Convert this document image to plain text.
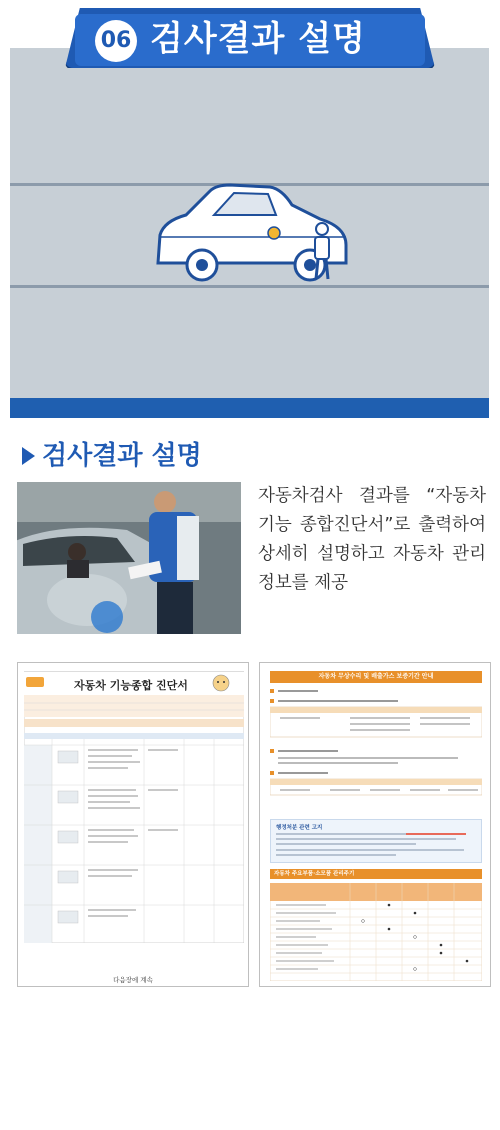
06 검사결과 설명
검사결과 설명
자동차검사 결과를 “자동차 기능 종합진단서”로 출력하여 상세히 설명하고 자동차 관리 정보를 제공
자동차 기능종합 진단서
다음장에 계속
자동차 무상수리 및 배출가스 보증기간 안내
행정처분 관련 고지
자동차 주요부품·소모품 관리주기
